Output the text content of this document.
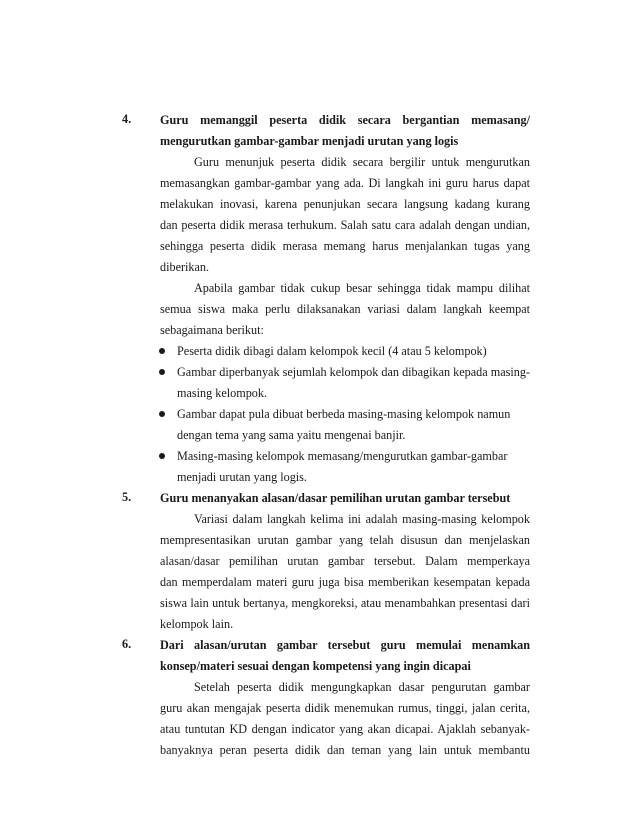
4. Guru memanggil peserta didik secara bergantian memasang/
mengurutkan gambar-gambar menjadi urutan yang logis
Guru menunjuk peserta didik secara bergilir untuk mengurutkan
memasangkan gambar-gambar yang ada. Di langkah ini guru harus dapat
melakukan inovasi, karena penunjukan secara langsung kadang kurang
dan peserta didik merasa terhukum. Salah satu cara adalah dengan undian,
sehingga peserta didik merasa memang harus menjalankan tugas yang
diberikan.
Apabila gambar tidak cukup besar sehingga tidak mampu dilihat
semua siswa maka perlu dilaksanakan variasi dalam langkah keempat
sebagaimana berikut:
Peserta didik dibagi dalam kelompok kecil (4 atau 5 kelompok)
Gambar diperbanyak sejumlah kelompok dan dibagikan kepada masing-
masing kelompok.
Gambar dapat pula dibuat berbeda masing-masing kelompok namun
dengan tema yang sama yaitu mengenai banjir.
Masing-masing kelompok memasang/mengurutkan gambar-gambar
menjadi urutan yang logis.
5. Guru menanyakan alasan/dasar pemilihan urutan gambar tersebut
Variasi dalam langkah kelima ini adalah masing-masing kelompok
mempresentasikan urutan gambar yang telah disusun dan menjelaskan
alasan/dasar pemilihan urutan gambar tersebut. Dalam memperkaya
dan memperdalam materi guru juga bisa memberikan kesempatan kepada
siswa lain untuk bertanya, mengkoreksi, atau menambahkan presentasi dari
kelompok lain.
6. Dari alasan/urutan gambar tersebut guru memulai menamkan
konsep/materi sesuai dengan kompetensi yang ingin dicapai
Setelah peserta didik mengungkapkan dasar pengurutan gambar
guru akan mengajak peserta didik menemukan rumus, tinggi, jalan cerita,
atau tuntutan KD dengan indicator yang akan dicapai. Ajaklah sebanyak-
banyaknya peran peserta didik dan teman yang lain untuk membantu
